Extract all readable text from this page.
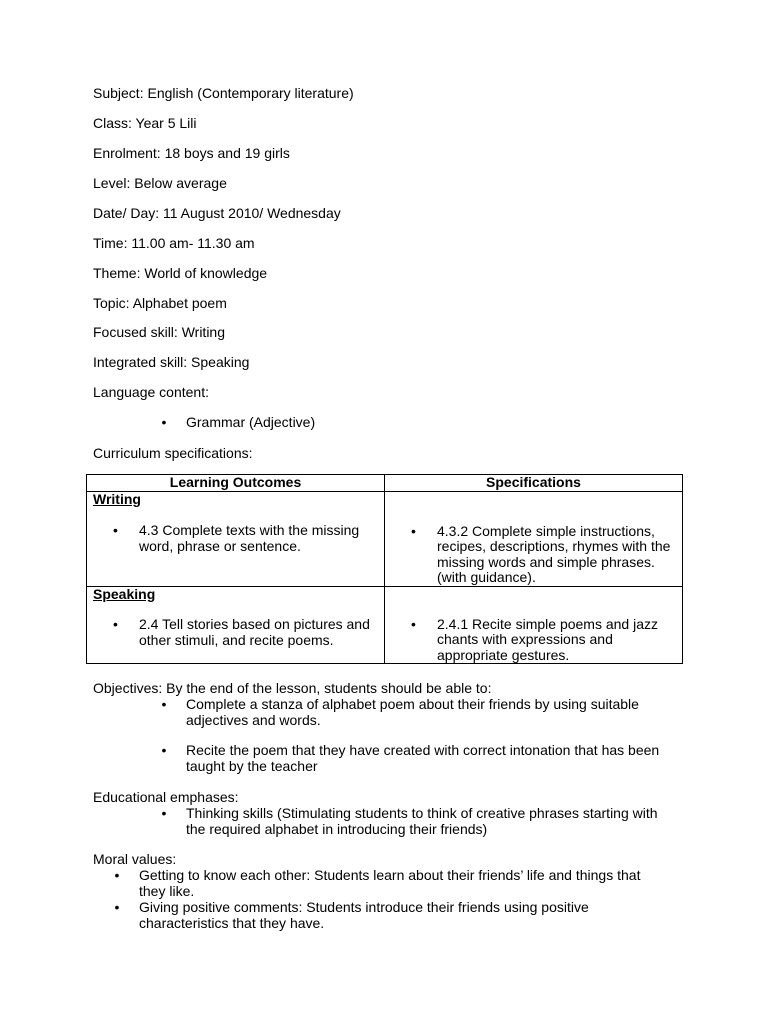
Subject: English (Contemporary literature)
Class: Year 5 Lili
Enrolment: 18 boys and 19 girls
Level: Below average
Date/ Day: 11 August 2010/ Wednesday
Time: 11.00 am- 11.30 am
Theme: World of knowledge
Topic: Alphabet poem
Focused skill: Writing
Integrated skill: Speaking
Language content:
•	Grammar (Adjective)
Curriculum specifications:
Learning Outcomes	Specifications

Writing
• 4.3 Complete texts with the missing word, phrase or sentence.	• 4.3.2 Complete simple instructions, recipes, descriptions, rhymes with the missing words and simple phrases. (with guidance).

Speaking
• 2.4 Tell stories based on pictures and other stimuli, and recite poems.	• 2.4.1 Recite simple poems and jazz chants with expressions and appropriate gestures.
Objectives: By the end of the lesson, students should be able to:
•	Complete a stanza of alphabet poem about their friends by using suitable adjectives and words.
•	Recite the poem that they have created with correct intonation that has been taught by the teacher
Educational emphases:
•	Thinking skills (Stimulating students to think of creative phrases starting with the required alphabet in introducing their friends)
Moral values:
•	Getting to know each other: Students learn about their friends’ life and things that they like.
•	Giving positive comments: Students introduce their friends using positive characteristics that they have.
